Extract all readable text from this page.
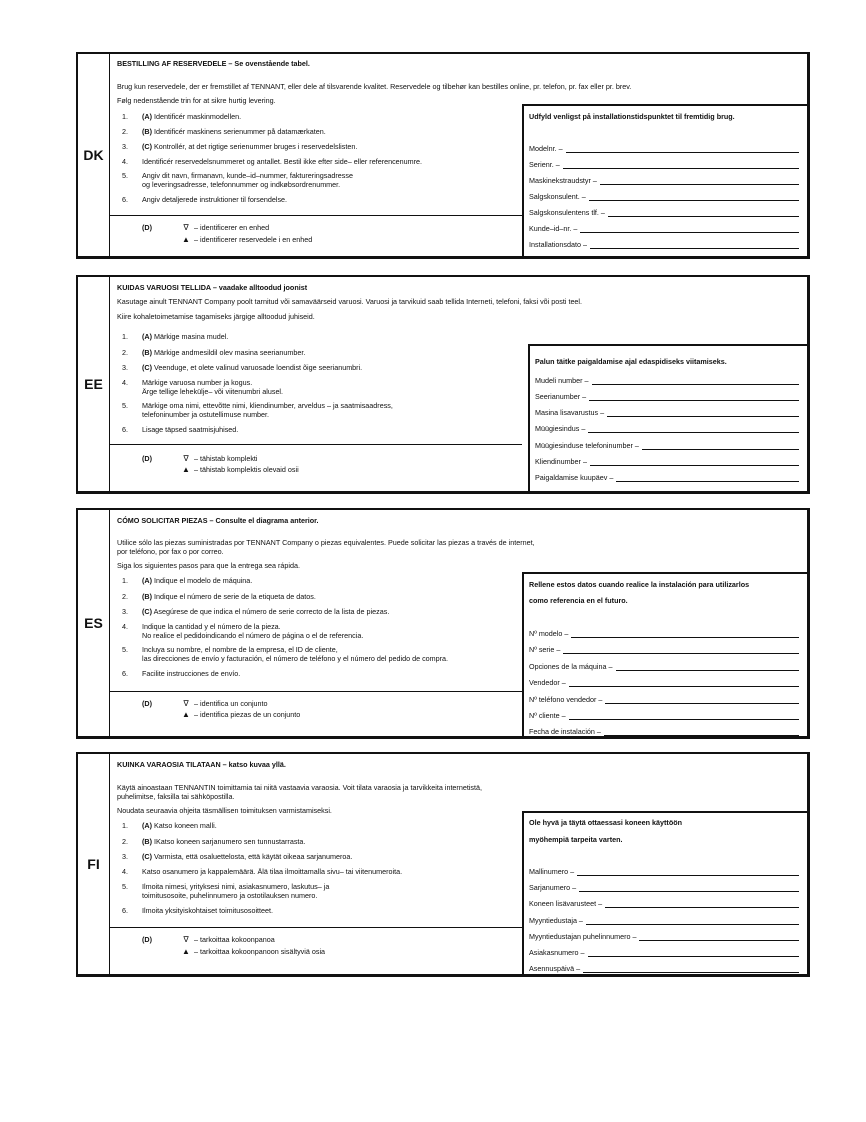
DK
BESTILLING AF RESERVEDELE – Se ovenstående tabel.
Brug kun reservedele, der er fremstillet af TENNANT, eller dele af tilsvarende kvalitet. Reservedele og tilbehør kan bestilles online, pr. telefon, pr. fax eller pr. brev.
Følg nedenstående trin for at sikre hurtig levering.
1. (A) Identificér maskinmodellen.
2. (B) Identificér maskinens serienummer på datamærkaten.
3. (C) Kontrollér, at det rigtige serienummer bruges i reservedelslisten.
4. Identificér reservedelsnummeret og antallet. Bestil ikke efter side– eller referencenumre.
5. Angiv dit navn, firmanavn, kunde–id–nummer, faktureringsadresse
og leveringsadresse, telefonnummer og indkøbsordrenummer.
6. Angiv detaljerede instruktioner til forsendelse.
(D)	∇ – identificerer en enhed
▲ – identificerer reservedele i en enhed
Udfyld venligst på installationstidspunktet til fremtidig brug.
Modelnr. –
Serienr. –
Maskinekstraudstyr –
Salgskonsulent. –
Salgskonsulentens tlf. –
Kunde–id–nr. –
Installationsdato –
EE
KUIDAS VARUOSI TELLIDA – vaadake alltoodud joonist
Kasutage ainult TENNANT Company poolt tarnitud või samaväärseid varuosi. Varuosi ja tarvikuid saab tellida Interneti, telefoni, faksi või posti teel.
Kiire kohaletoimetamise tagamiseks järgige alltoodud juhiseid.
1. (A) Märkige masina mudel.
2. (B) Märkige andmesildil olev masina seerianumber.
3. (C) Veenduge, et olete valinud varuosade loendist õige seerianumbri.
4. Märkige varuosa number ja kogus.
Ärge tellige lehekülje– või viitenumbri alusel.
5. Märkige oma nimi, ettevõtte nimi, kliendinumber, arveldus – ja saatmisaadress,
telefoninumber ja ostutellimuse number.
6. Lisage täpsed saatmisjuhised.
(D)	∇ – tähistab komplekti
▲ – tähistab komplektis olevaid osii
Palun täitke paigaldamise ajal edaspidiseks viitamiseks.
Mudeli number –
Seerianumber –
Masina lisavarustus –
Müügiesindus –
Müügiesinduse telefoninumber –
Kliendinumber –
Paigaldamise kuupäev –
ES
CÓMO SOLICITAR PIEZAS – Consulte el diagrama anterior.
Utilice sólo las piezas suministradas por TENNANT Company o piezas equivalentes. Puede solicitar las piezas a través de internet,
por teléfono, por fax o por correo.
Siga los siguientes pasos para que la entrega sea rápida.
1. (A) Indique el modelo de máquina.
2. (B) Indique el número de serie de la etiqueta de datos.
3. (C) Asegúrese de que indica el número de serie correcto de la lista de piezas.
4. Indique la cantidad y el número de la pieza.
No realice el pedidoindicando el número de página o el de referencia.
5. Incluya su nombre, el nombre de la empresa, el ID de cliente,
las direcciones de envío y facturación, el número de teléfono y el número del pedido de compra.
6. Facilite instrucciones de envío.
(D)	∇ – identifica un conjunto
▲ – identifica piezas de un conjunto
Rellene estos datos cuando realice la instalación para utilizarlos
como referencia en el futuro.
Nº modelo –
Nº serie –
Opciones de la máquina –
Vendedor –
Nº teléfono vendedor –
Nº cliente –
Fecha de instalación –
FI
KUINKA VARAOSIA TILATAAN – katso kuvaa yllä.
Käytä ainoastaan TENNANTIN toimittamia tai niitä vastaavia varaosia. Voit tilata varaosia ja tarvikkeita internetistä,
puhelimitse, faksilla tai sähköpostilla.
Noudata seuraavia ohjeita täsmällisen toimituksen varmistamiseksi.
1. (A) Katso koneen malli.
2. (B) IKatso koneen sarjanumero sen tunnustarrasta.
3. (C) Varmista, että osaluettelosta, että käytät oikeaa sarjanumeroa.
4. Katso osanumero ja kappalemäärä. Älä tilaa ilmoittamalla sivu– tai viitenumeroita.
5. Ilmoita nimesi, yrityksesi nimi, asiakasnumero, laskutus– ja
toimitusosoite, puhelinnumero ja ostotilauksen numero.
6. Ilmoita yksityiskohtaiset toimitusosoitteet.
(D)	∇ – tarkoittaa kokoonpanoa
▲ – tarkoittaa kokoonpanoon sisältyviä osia
Ole hyvä ja täytä ottaessasi koneen käyttöön
myöhempiä tarpeita varten.
Mallinumero –
Sarjanumero –
Koneen lisävarusteet –
Myyntiedustaja –
Myyntiedustajan puhelinnumero –
Asiakasnumero –
Asennuspäivä –
